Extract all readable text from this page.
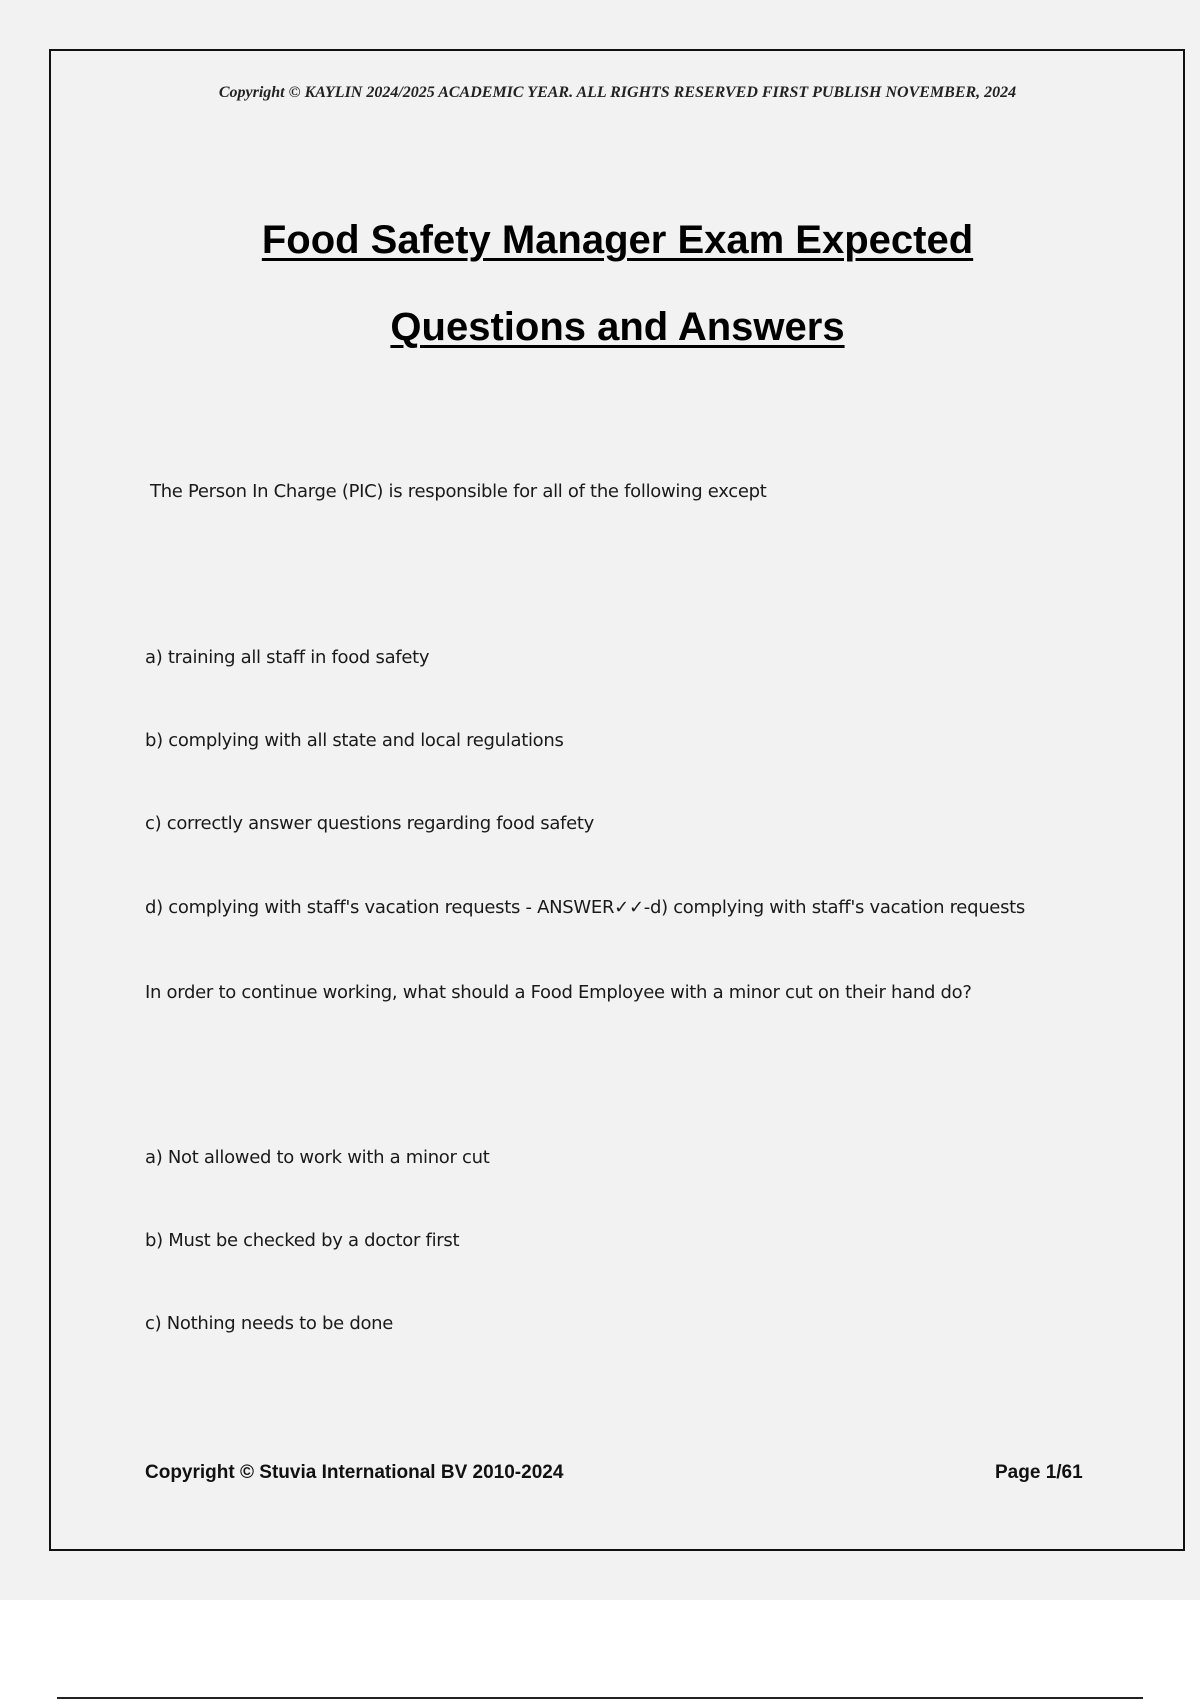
Copyright © KAYLIN 2024/2025 ACADEMIC YEAR. ALL RIGHTS RESERVED FIRST PUBLISH NOVEMBER, 2024
Food Safety Manager Exam Expected
Questions and Answers
The Person In Charge (PIC) is responsible for all of the following except
a) training all staff in food safety
b) complying with all state and local regulations
c) correctly answer questions regarding food safety
d) complying with staff's vacation requests - ANSWER✓✓-d) complying with staff's vacation requests
In order to continue working, what should a Food Employee with a minor cut on their hand do?
a) Not allowed to work with a minor cut
b) Must be checked by a doctor first
c) Nothing needs to be done
Copyright © Stuvia International BV 2010-2024	Page 1/61
